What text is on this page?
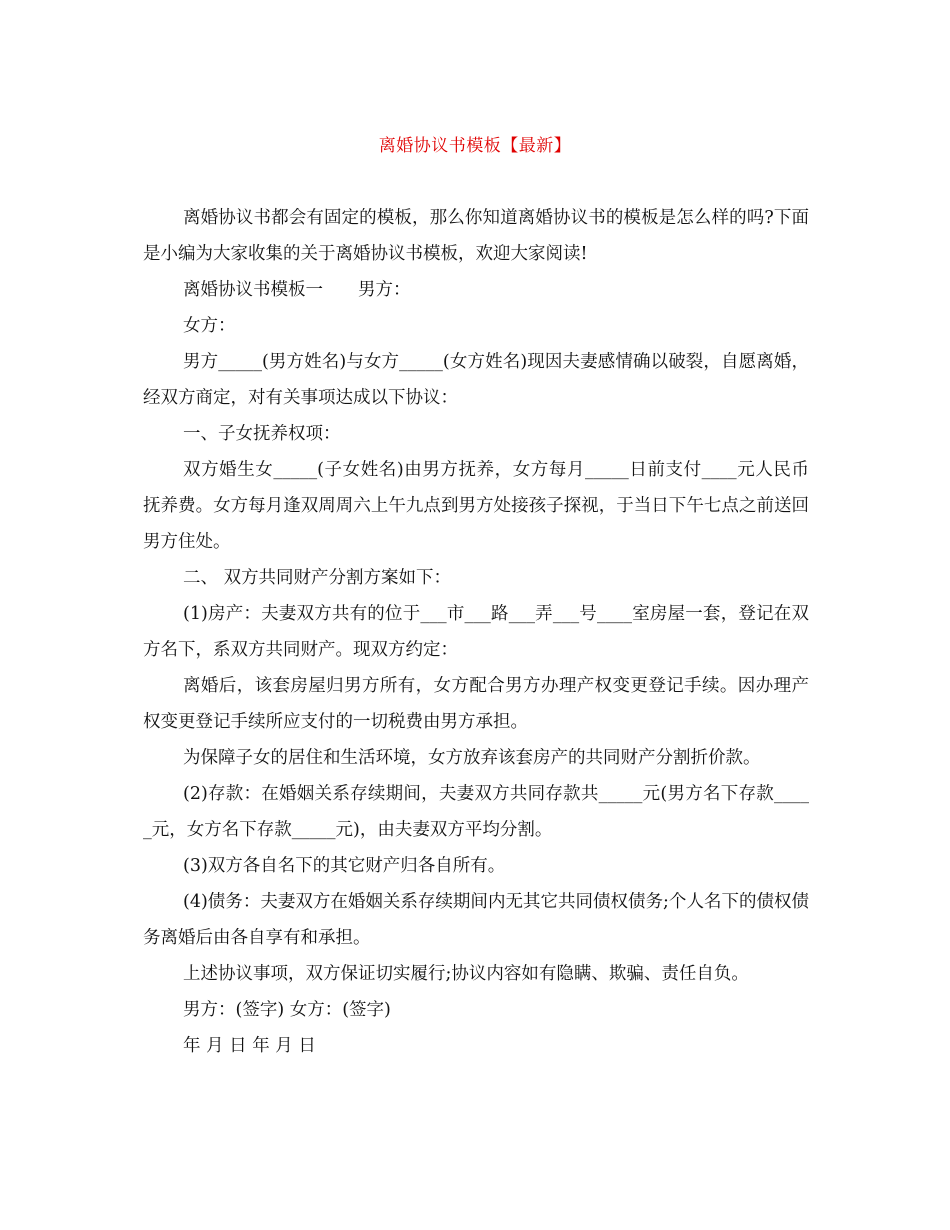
离婚协议书模板【最新】

离婚协议书都会有固定的模板，那么你知道离婚协议书的模板是怎么样的吗?下面是小编为大家收集的关于离婚协议书模板，欢迎大家阅读!

离婚协议书模板一　　男方：

女方：

男方_____(男方姓名)与女方_____(女方姓名)现因夫妻感情确以破裂，自愿离婚，经双方商定，对有关事项达成以下协议：

一、子女抚养权项：

双方婚生女_____(子女姓名)由男方抚养，女方每月_____日前支付____元人民币抚养费。女方每月逢双周周六上午九点到男方处接孩子探视，于当日下午七点之前送回男方住处。

二、 双方共同财产分割方案如下：

(1)房产：夫妻双方共有的位于___市___路___弄___号____室房屋一套，登记在双方名下，系双方共同财产。现双方约定：

离婚后，该套房屋归男方所有，女方配合男方办理产权变更登记手续。因办理产权变更登记手续所应支付的一切税费由男方承担。

为保障子女的居住和生活环境，女方放弃该套房产的共同财产分割折价款。

(2)存款：在婚姻关系存续期间，夫妻双方共同存款共_____元(男方名下存款_____元，女方名下存款_____元)，由夫妻双方平均分割。

(3)双方各自名下的其它财产归各自所有。

(4)债务：夫妻双方在婚姻关系存续期间内无其它共同债权债务;个人名下的债权债务离婚后由各自享有和承担。

上述协议事项，双方保证切实履行;协议内容如有隐瞒、欺骗、责任自负。

男方：(签字) 女方：(签字)

年 月 日 年 月 日
